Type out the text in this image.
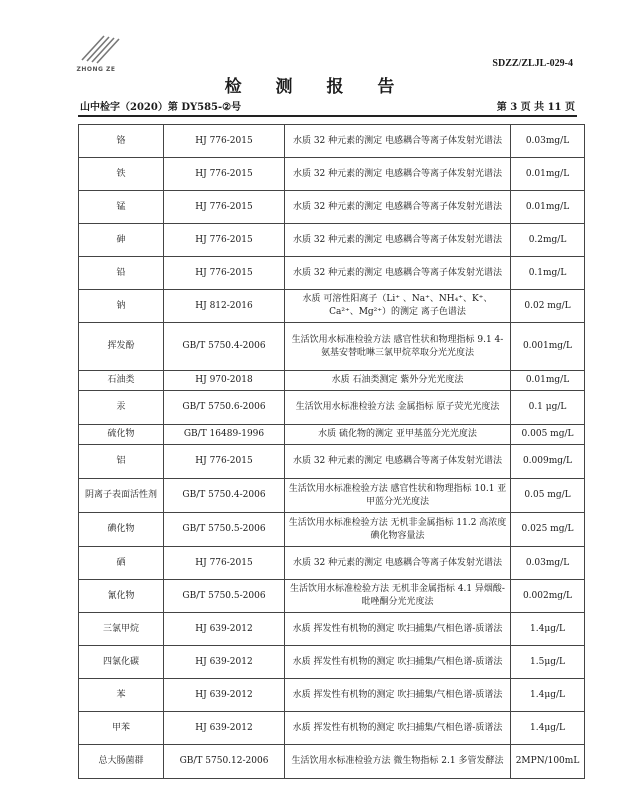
ZHONG ZE
SDZZ/ZLJL-029-4
检 测 报 告
山中检字（2020）第 DY585-②号	第 3 页 共 11 页
铬	HJ 776-2015	水质 32 种元素的测定 电感耦合等离子体发射光谱法	0.03mg/L
铁	HJ 776-2015	水质 32 种元素的测定 电感耦合等离子体发射光谱法	0.01mg/L
锰	HJ 776-2015	水质 32 种元素的测定 电感耦合等离子体发射光谱法	0.01mg/L
砷	HJ 776-2015	水质 32 种元素的测定 电感耦合等离子体发射光谱法	0.2mg/L
铅	HJ 776-2015	水质 32 种元素的测定 电感耦合等离子体发射光谱法	0.1mg/L
钠	HJ 812-2016	水质 可溶性阳离子（Li⁺ 、Na⁺、NH₄⁺、K⁺、Ca²⁺、Mg²⁺）的测定 离子色谱法	0.02 mg/L
挥发酚	GB/T 5750.4-2006	生活饮用水标准检验方法 感官性状和物理指标 9.1 4-氨基安替吡啉三氯甲烷萃取分光光度法	0.001mg/L
石油类	HJ 970-2018	水质 石油类测定 紫外分光光度法	0.01mg/L
汞	GB/T 5750.6-2006	生活饮用水标准检验方法 金属指标 原子荧光光度法	0.1 μg/L
硫化物	GB/T 16489-1996	水质 硫化物的测定 亚甲基蓝分光光度法	0.005 mg/L
铝	HJ 776-2015	水质 32 种元素的测定 电感耦合等离子体发射光谱法	0.009mg/L
阴离子表面活性剂	GB/T 5750.4-2006	生活饮用水标准检验方法 感官性状和物理指标 10.1 亚甲蓝分光光度法	0.05 mg/L
碘化物	GB/T 5750.5-2006	生活饮用水标准检验方法 无机非金属指标 11.2 高浓度碘化物容量法	0.025 mg/L
硒	HJ 776-2015	水质 32 种元素的测定 电感耦合等离子体发射光谱法	0.03mg/L
氰化物	GB/T 5750.5-2006	生活饮用水标准检验方法 无机非金属指标 4.1 异烟酸-吡唑酮分光光度法	0.002mg/L
三氯甲烷	HJ 639-2012	水质 挥发性有机物的测定 吹扫捕集/气相色谱-质谱法	1.4μg/L
四氯化碳	HJ 639-2012	水质 挥发性有机物的测定 吹扫捕集/气相色谱-质谱法	1.5μg/L
苯	HJ 639-2012	水质 挥发性有机物的测定 吹扫捕集/气相色谱-质谱法	1.4μg/L
甲苯	HJ 639-2012	水质 挥发性有机物的测定 吹扫捕集/气相色谱-质谱法	1.4μg/L
总大肠菌群	GB/T 5750.12-2006	生活饮用水标准检验方法 微生物指标 2.1 多管发酵法	2MPN/100mL
